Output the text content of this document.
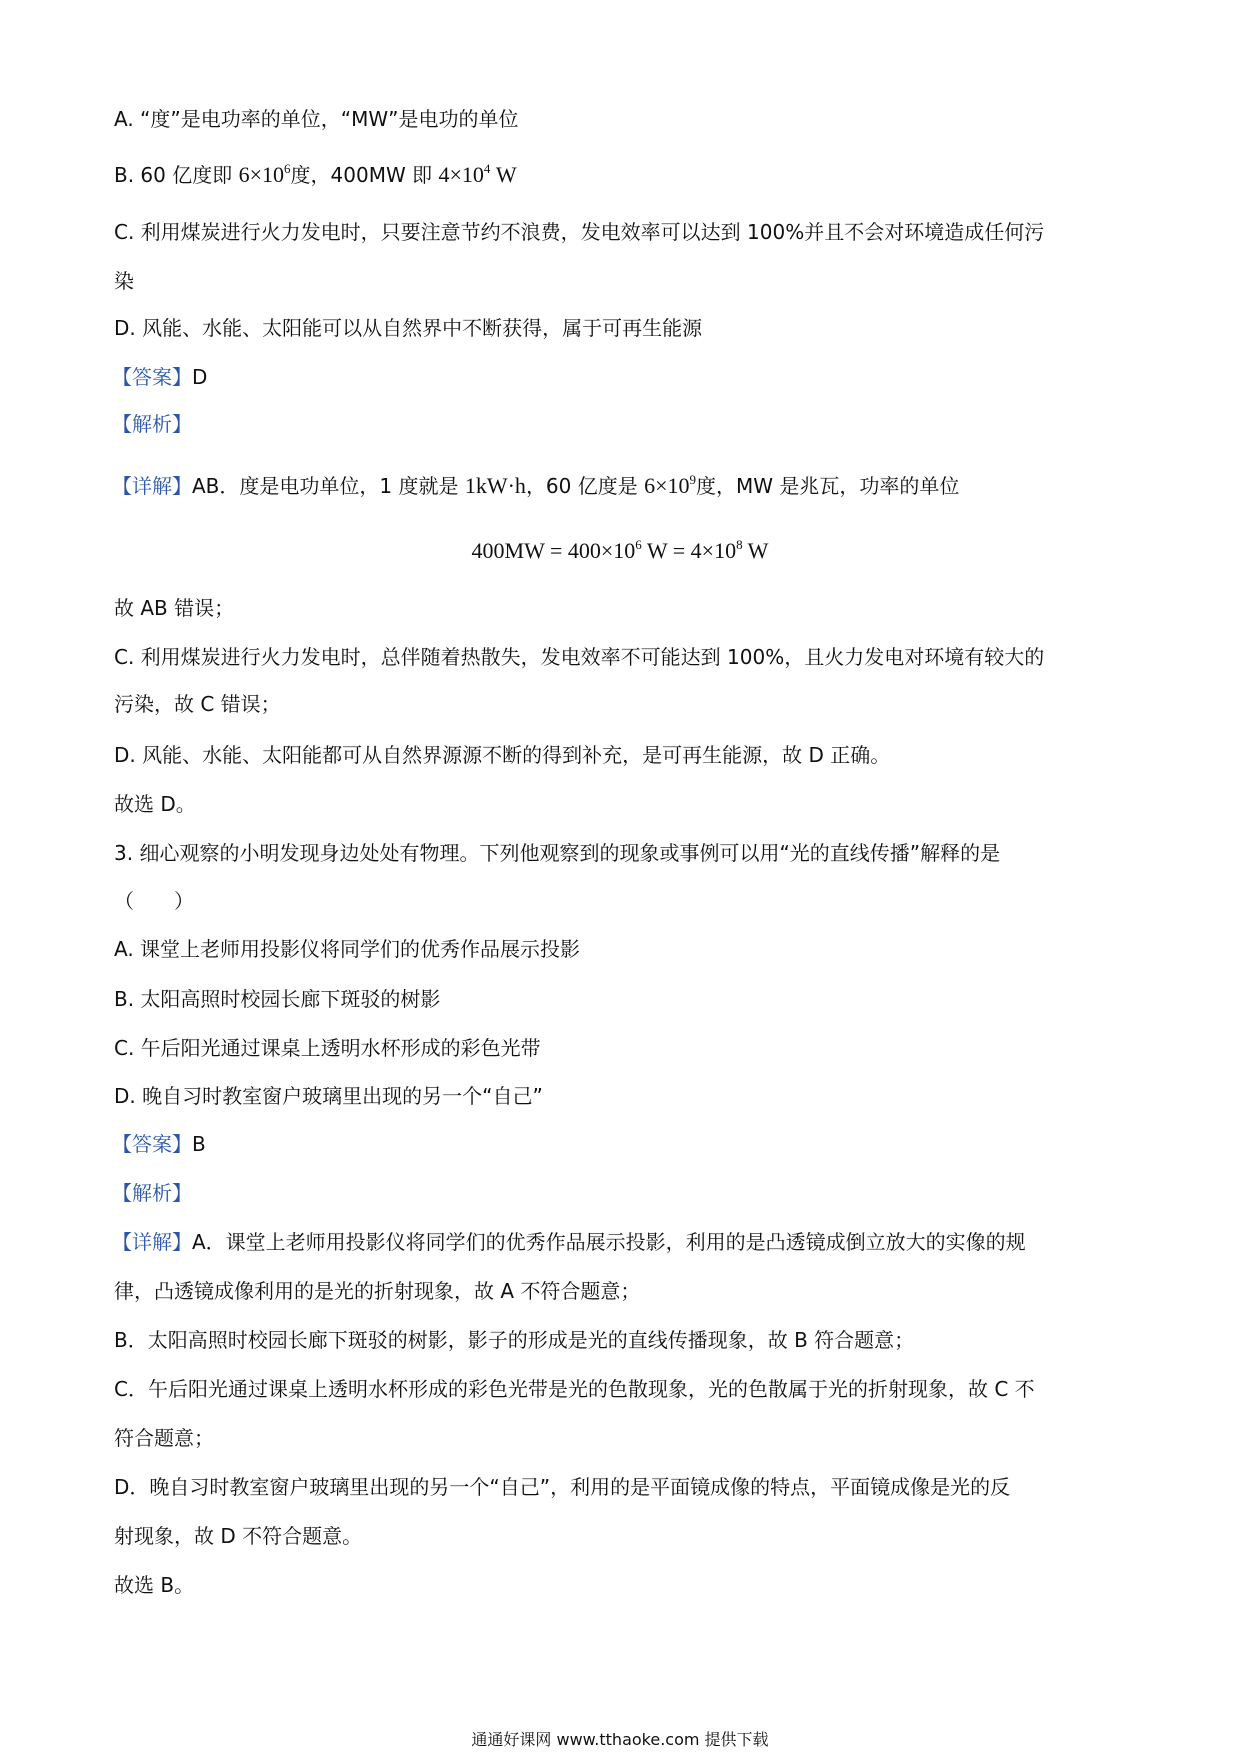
A. “度”是电功率的单位，“MW”是电功的单位
B. 60 亿度即 $6\times 10^6$度，400MW 即 $4\times 10^4$ W
C. 利用煤炭进行火力发电时，只要注意节约不浪费，发电效率可以达到 100%并且不会对环境造成任何污
染
D. 风能、水能、太阳能可以从自然界中不断获得，属于可再生能源
【答案】D
【解析】
【详解】AB．度是电功单位，1 度就是 1kW·h，60 亿度是 $6\times 10^9$度，MW 是兆瓦，功率的单位
$400MW = 400\times 10^6$ $W = 4\times 10^8$ W
故 AB 错误；
C. 利用煤炭进行火力发电时，总伴随着热散失，发电效率不可能达到 100%，且火力发电对环境有较大的
污染，故 C 错误；
D. 风能、水能、太阳能都可从自然界源源不断的得到补充，是可再生能源，故 D 正确。
故选 D。
3. 细心观察的小明发现身边处处有物理。下列他观察到的现象或事例可以用“光的直线传播”解释的是
（　　）
A. 课堂上老师用投影仪将同学们的优秀作品展示投影
B. 太阳高照时校园长廊下斑驳的树影
C. 午后阳光通过课桌上透明水杯形成的彩色光带
D. 晚自习时教室窗户玻璃里出现的另一个“自己”
【答案】B
【解析】
【详解】A．课堂上老师用投影仪将同学们的优秀作品展示投影，利用的是凸透镜成倒立放大的实像的规
律，凸透镜成像利用的是光的折射现象，故 A 不符合题意；
B．太阳高照时校园长廊下斑驳的树影，影子的形成是光的直线传播现象，故 B 符合题意；
C．午后阳光通过课桌上透明水杯形成的彩色光带是光的色散现象，光的色散属于光的折射现象，故 C 不
符合题意；
D．晚自习时教室窗户玻璃里出现的另一个“自己”，利用的是平面镜成像的特点，平面镜成像是光的反
射现象，故 D 不符合题意。
故选 B。
通通好课网 www.tthaoke.com 提供下载
